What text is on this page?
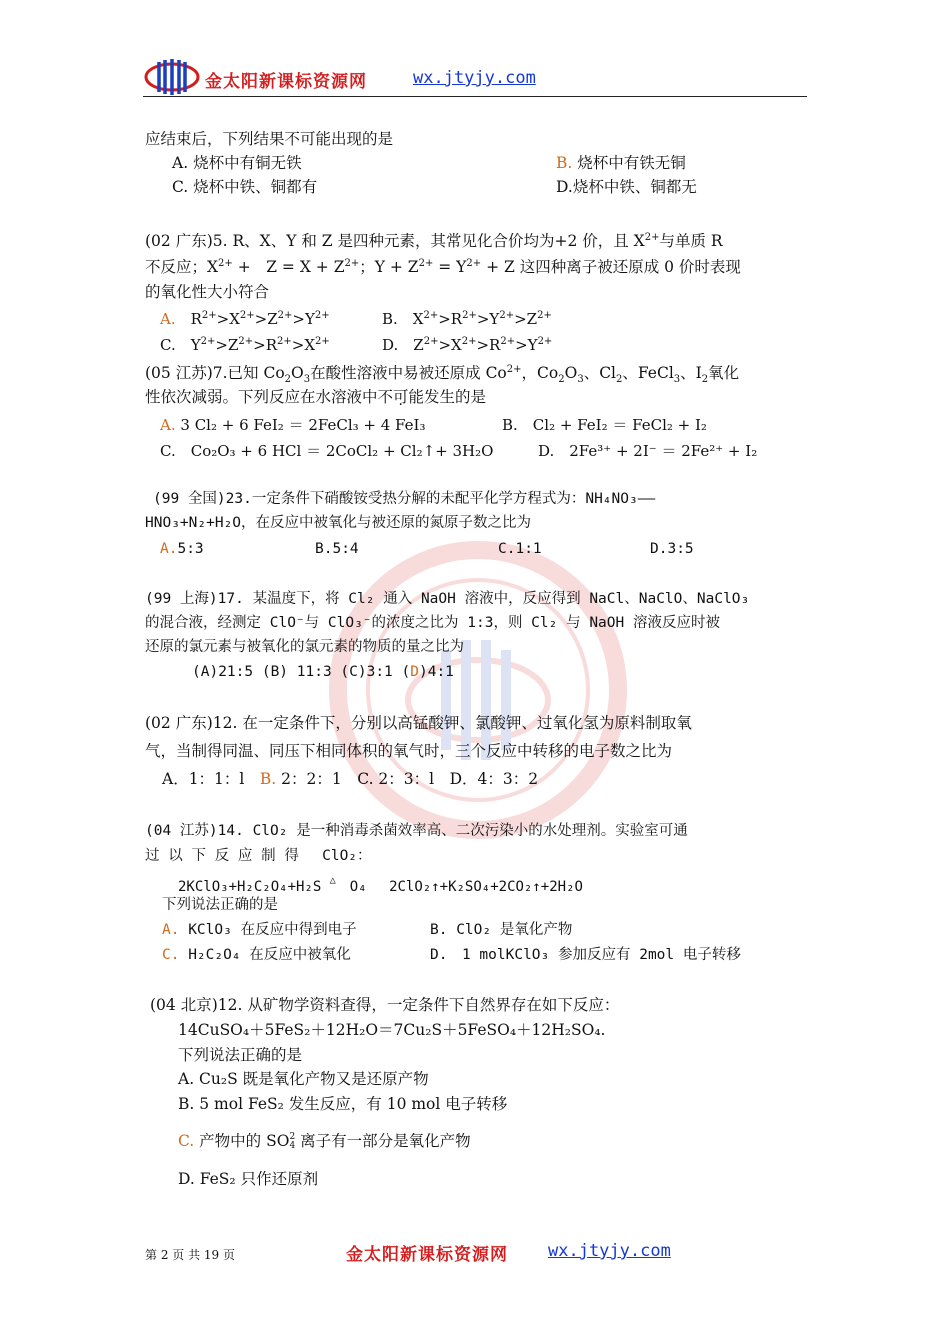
金太阳新课标资源网	wx.jtyjy.com
应结束后，下列结果不可能出现的是
A. 烧杯中有铜无铁	B. 烧杯中有铁无铜
C. 烧杯中铁、铜都有	D.烧杯中铁、铜都无
(02 广东)5. R、X、Y 和 Z 是四种元素，其常见化合价均为+2 价，且 $X^{2+}$与单质 R
不反应；$X^{2+}$ +　$Z = X + Z^{2+}$；$Y + Z^{2+} = Y^{2+} + Z$ 这四种离子被还原成 0 价时表现
的氧化性大小符合
A.　$R^{2+}>X^{2+}>Z^{2+}>Y^{2+}$	B.　$X^{2+}>R^{2+}>Y^{2+}>Z^{2+}$
C.　$Y^{2+}>Z^{2+}>R^{2+}>X^{2+}$	D.　$Z^{2+}>X^{2+}>R^{2+}>Y^{2+}$
(05 江苏)7.已知 $Co_2O_3$在酸性溶液中易被还原成 $Co^{2+}$，$Co_2O_3$、$Cl_2$、FeCl$_3$、$I_2$氧化
性依次减弱。下列反应在水溶液中不可能发生的是
A. 3 Cl₂ + 6 FeI₂ ＝ 2FeCl₃ + 4 FeI₃	B.　Cl₂ + FeI₂ ＝ FeCl₂ + I₂
C.　Co₂O₃ + 6 HCl ＝ 2CoCl₂ + Cl₂↑+ 3H₂O	D.　2Fe³⁺ + 2I⁻ ＝ 2Fe²⁺ + I₂
(99 全国)23.一定条件下硝酸铵受热分解的未配平化学方程式为：NH₄NO₃——
HNO₃+N₂+H₂O，在反应中被氧化与被还原的氮原子数之比为
A.5:3	B.5:4	C.1:1	D.3:5
(99 上海)17. 某温度下，将 Cl₂ 通入 NaOH 溶液中，反应得到 NaCl、NaClO、NaClO₃
的混合液，经测定 ClO⁻与 ClO₃⁻的浓度之比为 1:3，则 Cl₂ 与 NaOH 溶液反应时被
还原的氯元素与被氧化的氯元素的物质的量之比为
(A)21:5 (B) 11:3 (C)3:1 (D)4:1
(02 广东)12. 在一定条件下，分别以高锰酸钾、氯酸钾、过氧化氢为原料制取氧
气，当制得同温、同压下相同体积的氧气时，三个反应中转移的电子数之比为
A．1：1：l　 B. 2：2：1　 C. 2：3：l　 D．4：3：2
(04 江苏)14. ClO₂ 是一种消毒杀菌效率高、二次污染小的水处理剂。实验室可通
过 以 下 反 应 制 得　 ClO₂：
2KClO₃+H₂C₂O₄+H₂S △　 O₄　 2ClO₂↑+K₂SO₄+2CO₂↑+2H₂O
下列说法正确的是
A. KClO₃ 在反应中得到电子	B. ClO₂ 是氧化产物
C. H₂C₂O₄ 在反应中被氧化	D.　1 molKClO₃ 参加反应有 2mol 电子转移
(04 北京)12. 从矿物学资料查得，一定条件下自然界存在如下反应：
14CuSO₄＋5FeS₂＋12H₂O＝7Cu₂S＋5FeSO₄＋12H₂SO₄.
下列说法正确的是
A. Cu₂S 既是氧化产物又是还原产物
B. 5 mol FeS₂ 发生反应，有 10 mol 电子转移
C. 产物中的 SO2
4 离子有一部分是氧化产物
D. FeS₂ 只作还原剂
第 2 页 共 19 页	金太阳新课标资源网 wx.jtyjy.com
